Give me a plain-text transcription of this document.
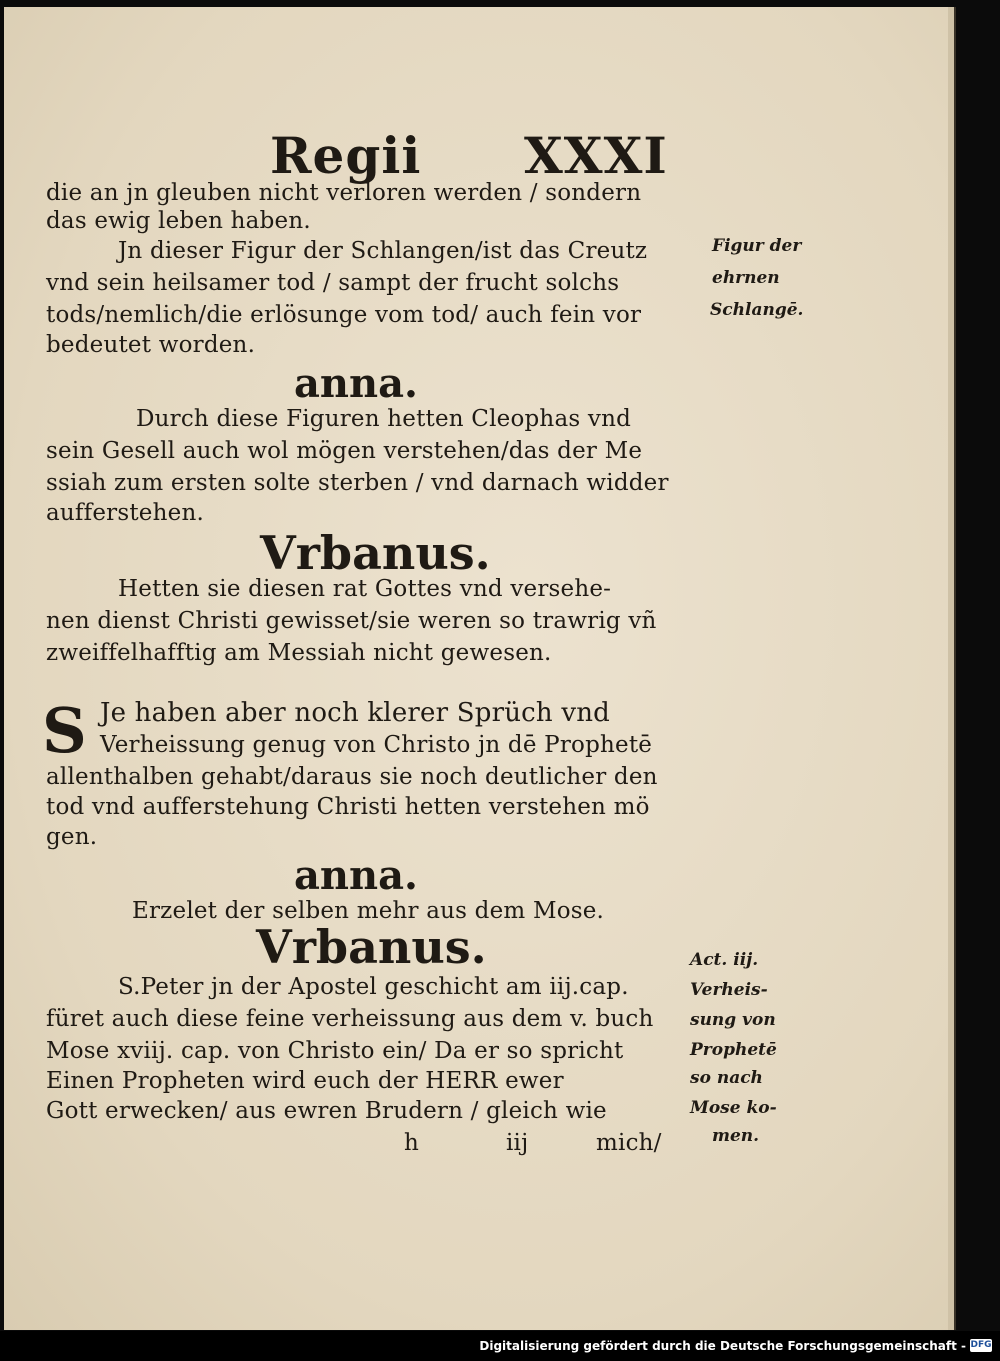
Regii XXXI
die an jn gleuben nicht verloren werden / sondern
das ewig leben haben.
Jn dieser Figur der Schlangen/ist das Creutz
vnd sein heilsamer tod / sampt der frucht solchs
tods/nemlich/die erlösunge vom tod/ auch fein vor
bedeutet worden.
anna.
Durch diese Figuren hetten Cleophas vnd
sein Gesell auch wol mögen verstehen/das der Me
ssiah zum ersten solte sterben / vnd darnach widder
aufferstehen.
Vrbanus.
Hetten sie diesen rat Gottes vnd versehe-
nen dienst Christi gewisset/sie weren so trawrig vñ
zweiffelhafftig am Messiah nicht gewesen.
S Je haben aber noch klerer Sprüch vnd
Verheissung genug von Christo jn dē Prophetē
allenthalben gehabt/daraus sie noch deutlicher den
tod vnd aufferstehung Christi hetten verstehen mö
gen.
anna.
Erzelet der selben mehr aus dem Mose.
Vrbanus.
S.Peter jn der Apostel geschicht am iij.cap.
füret auch diese feine verheissung aus dem v. buch
Mose xviij. cap. von Christo ein/ Da er so spricht
Einen Propheten wird euch der HERR ewer
Gott erwecken/ aus ewren Brudern / gleich wie
h	iij	mich/
Figur der
ehrnen
Schlangē.
Act. iij.
Verheis-
sung von
Prophetē
so nach
Mose ko-
men.
Digitalisierung gefördert durch die Deutsche Forschungsgemeinschaft - DFG
